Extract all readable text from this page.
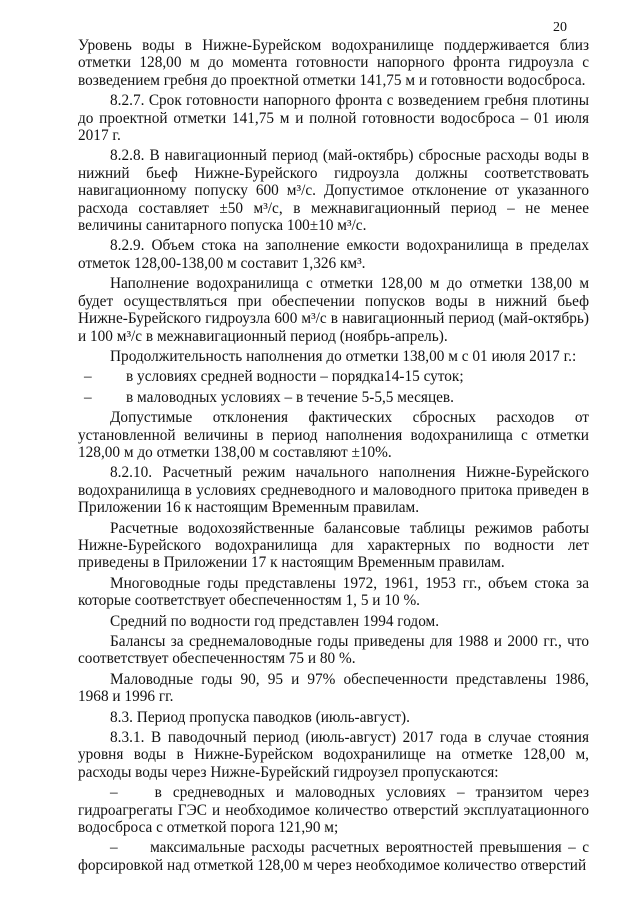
20

Уровень воды в Нижне-Бурейском водохранилище поддерживается близ отметки 128,00 м до момента готовности напорного фронта гидроузла с возведением гребня до проектной отметки 141,75 м и готовности водосброса.

8.2.7. Срок готовности напорного фронта с возведением гребня плотины до проектной отметки 141,75 м и полной готовности водосброса – 01 июля 2017 г.

8.2.8. В навигационный период (май-октябрь) сбросные расходы воды в нижний бьеф Нижне-Бурейского гидроузла должны соответствовать навигационному попуску 600 м³/с. Допустимое отклонение от указанного расхода составляет ±50 м³/с, в межнавигационный период – не менее величины санитарного попуска 100±10 м³/с.

8.2.9. Объем стока на заполнение емкости водохранилища в пределах отметок 128,00-138,00 м составит 1,326 км³.

Наполнение водохранилища с отметки 128,00 м до отметки 138,00 м будет осуществляться при обеспечении попусков воды в нижний бьеф Нижне-Бурейского гидроузла 600 м³/с в навигационный период (май-октябрь) и 100 м³/с в межнавигационный период (ноябрь-апрель).

Продолжительность наполнения до отметки 138,00 м с 01 июля 2017 г.:

–	в условиях средней водности – порядка14-15 суток;
–	в маловодных условиях – в течение 5-5,5 месяцев.

Допустимые отклонения фактических сбросных расходов от установленной величины в период наполнения водохранилища с отметки 128,00 м до отметки 138,00 м составляют ±10%.

8.2.10. Расчетный режим начального наполнения Нижне-Бурейского водохранилища в условиях средневодного и маловодного притока приведен в Приложении 16 к настоящим Временным правилам.

Расчетные водохозяйственные балансовые таблицы режимов работы Нижне-Бурейского водохранилища для характерных по водности лет приведены в Приложении 17 к настоящим Временным правилам.

Многоводные годы представлены 1972, 1961, 1953 гг., объем стока за которые соответствует обеспеченностям 1, 5 и 10 %.

Средний по водности год представлен 1994 годом.

Балансы за среднемаловодные годы приведены для 1988 и 2000 гг., что соответствует обеспеченностям 75 и 80 %.

Маловодные годы 90, 95 и 97% обеспеченности представлены 1986, 1968 и 1996 гг.

8.3. Период пропуска паводков (июль-август).

8.3.1. В паводочный период (июль-август) 2017 года в случае стояния уровня воды в Нижне-Бурейском водохранилище на отметке 128,00 м, расходы воды через Нижне-Бурейский гидроузел пропускаются:

– в средневодных и маловодных условиях – транзитом через гидроагрегаты ГЭС и необходимое количество отверстий эксплуатационного водосброса с отметкой порога 121,90 м;
– максимальные расходы расчетных вероятностей превышения – с форсировкой над отметкой 128,00 м через необходимое количество отверстий
